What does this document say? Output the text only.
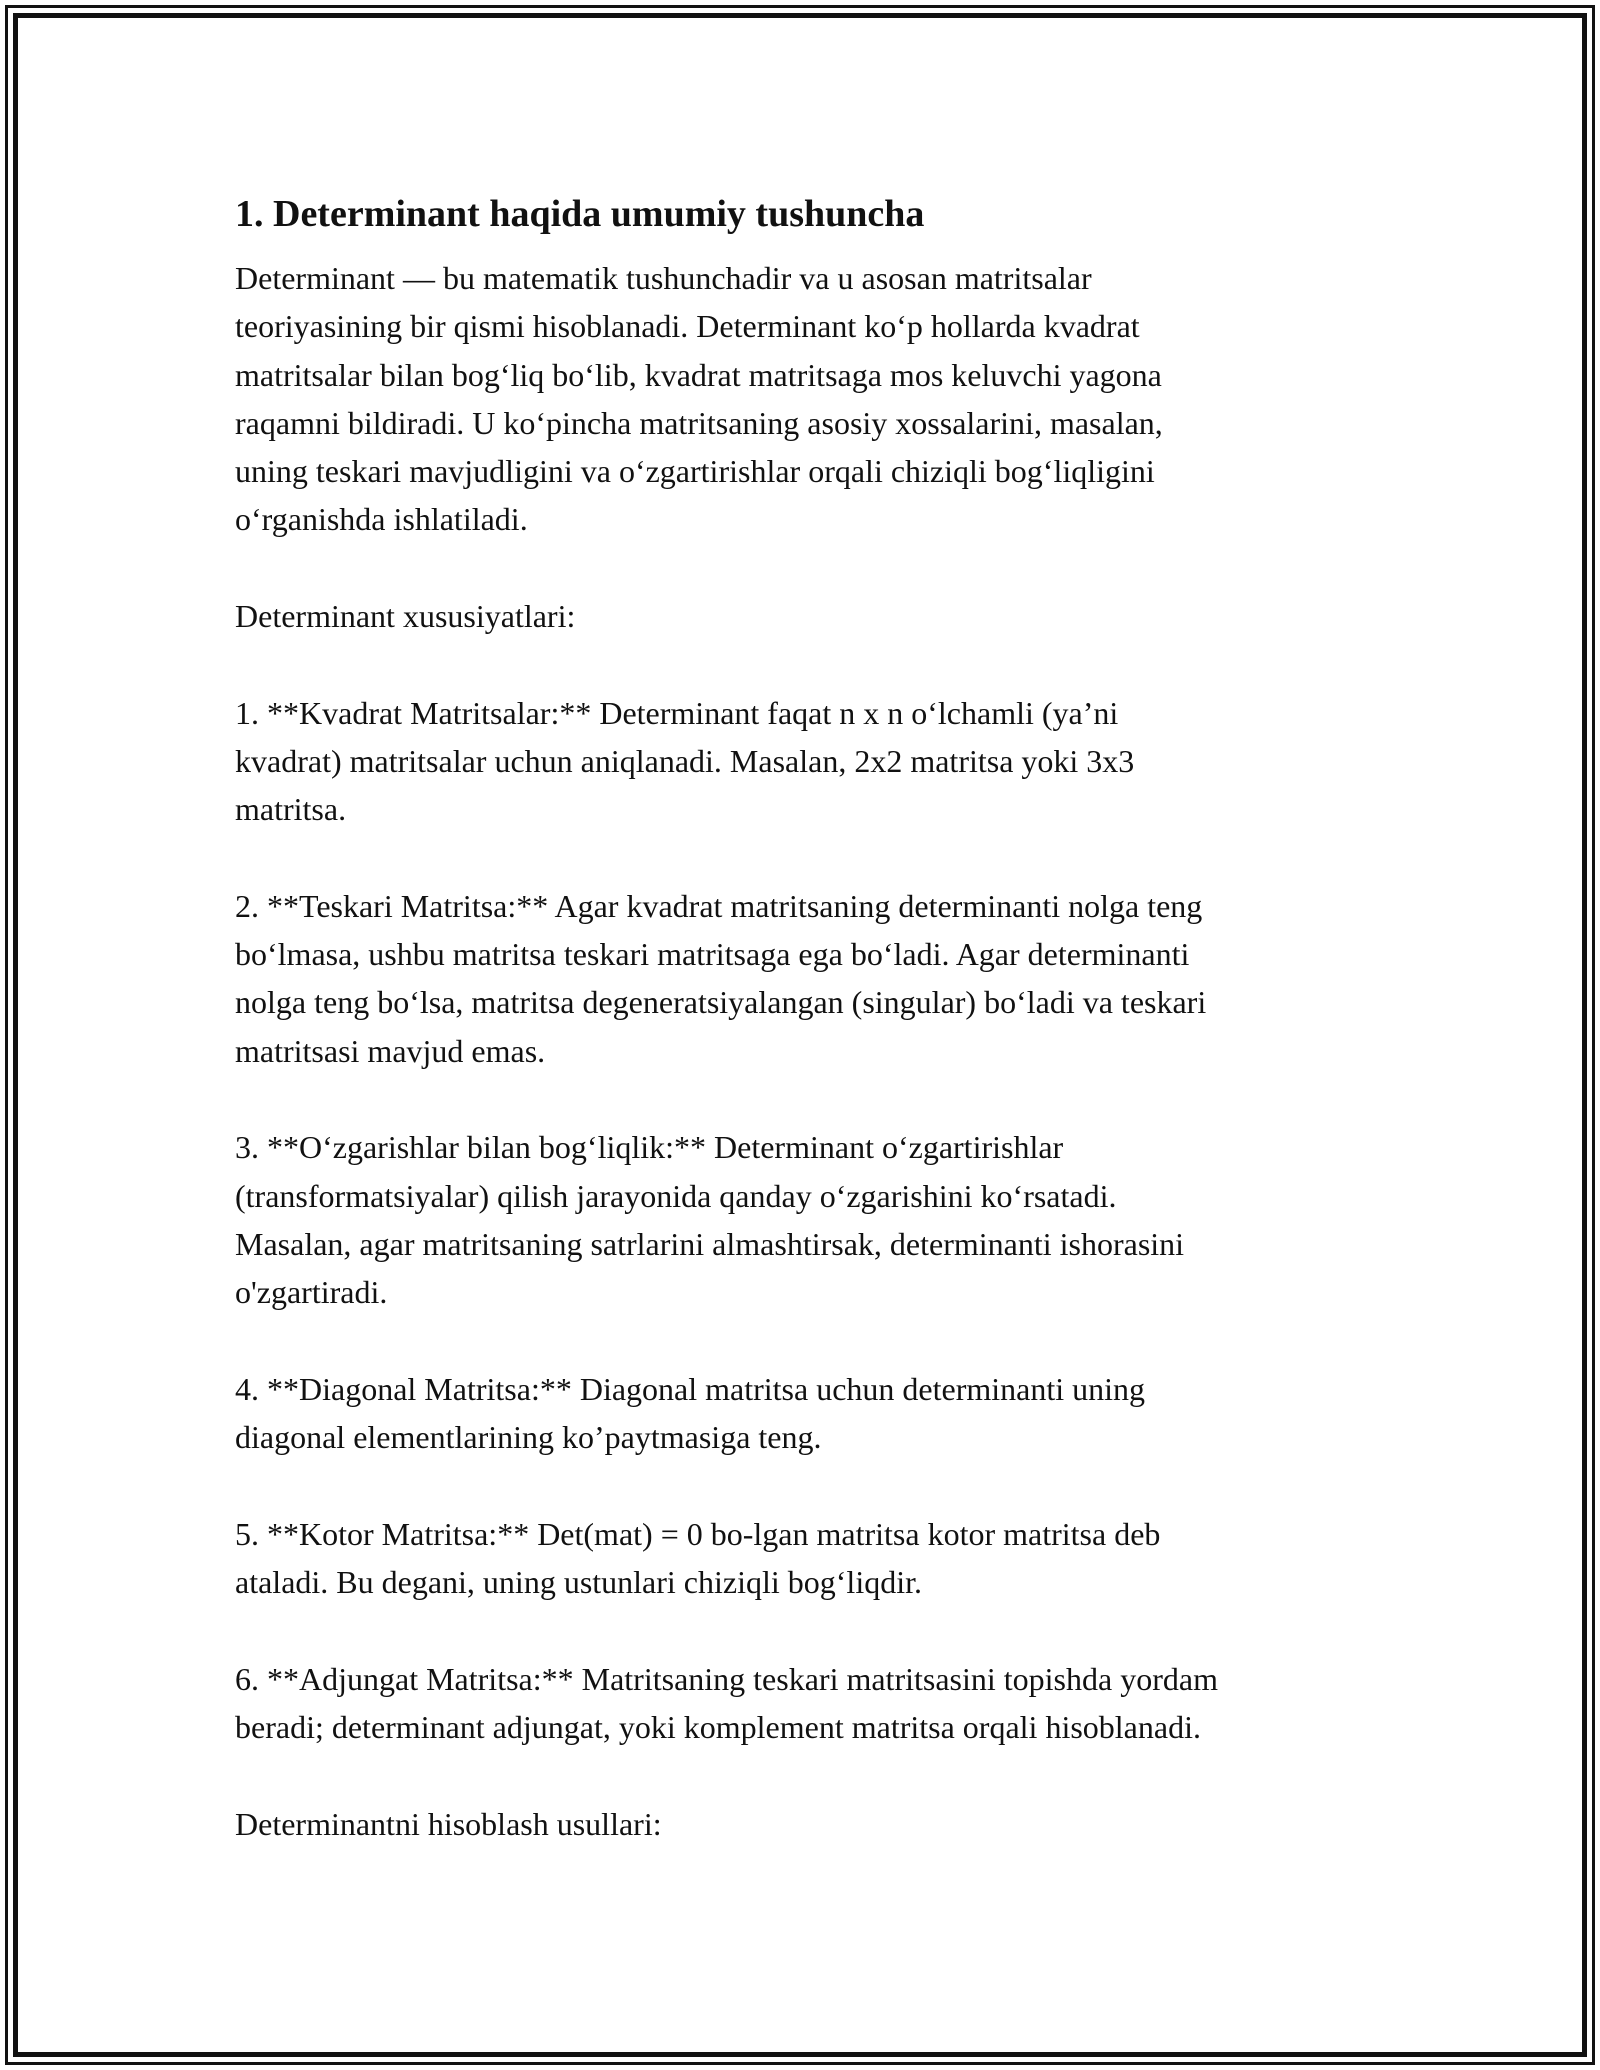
1. Determinant haqida umumiy tushuncha
Determinant — bu matematik tushunchadir va u asosan matritsalar
teoriyasining bir qismi hisoblanadi. Determinant ko‘p hollarda kvadrat
matritsalar bilan bog‘liq bo‘lib, kvadrat matritsaga mos keluvchi yagona
raqamni bildiradi. U ko‘pincha matritsaning asosiy xossalarini, masalan,
uning teskari mavjudligini va o‘zgartirishlar orqali chiziqli bog‘liqligini
o‘rganishda ishlatiladi.
Determinant xususiyatlari:
1. **Kvadrat Matritsalar:** Determinant faqat n x n o‘lchamli (ya’ni
kvadrat) matritsalar uchun aniqlanadi. Masalan, 2x2 matritsa yoki 3x3
matritsa.
2. **Teskari Matritsa:** Agar kvadrat matritsaning determinanti nolga teng
bo‘lmasa, ushbu matritsa teskari matritsaga ega bo‘ladi. Agar determinanti
nolga teng bo‘lsa, matritsa degeneratsiyalangan (singular) bo‘ladi va teskari
matritsasi mavjud emas.
3. **O‘zgarishlar bilan bog‘liqlik:** Determinant o‘zgartirishlar
(transformatsiyalar) qilish jarayonida qanday o‘zgarishini ko‘rsatadi.
Masalan, agar matritsaning satrlarini almashtirsak, determinanti ishorasini
o'zgartiradi.
4. **Diagonal Matritsa:** Diagonal matritsa uchun determinanti uning
diagonal elementlarining ko’paytmasiga teng.
5. **Kotor Matritsa:** Det(mat) = 0 bo-lgan matritsa kotor matritsa deb
ataladi. Bu degani, uning ustunlari chiziqli bog‘liqdir.
6. **Adjungat Matritsa:** Matritsaning teskari matritsasini topishda yordam
beradi; determinant adjungat, yoki komplement matritsa orqali hisoblanadi.
Determinantni hisoblash usullari:
